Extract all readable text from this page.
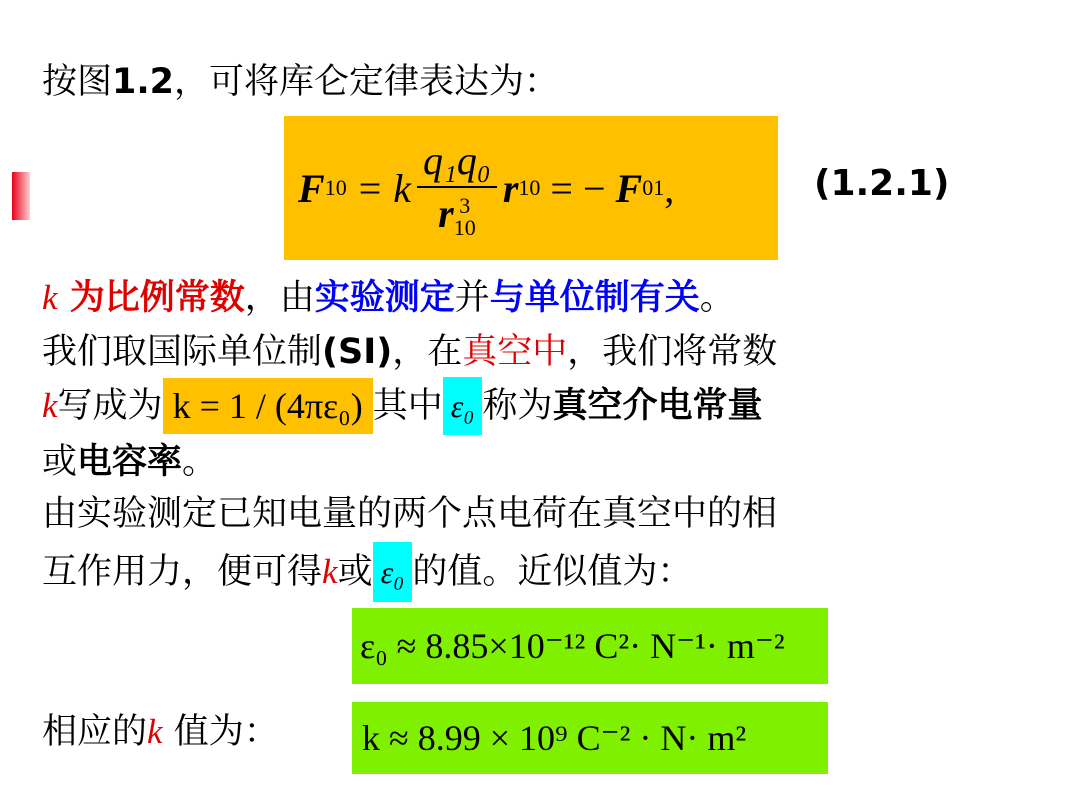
按图1.2，可将库仑定律表达为：
F 10 = k q₁q₀
r 3
10 r 10 = − F 01 ,	(1.2.1)
k 为比例常数，由实验测定并与单位制有关。
我们取国际单位制(SI)，在真空中，我们将常数
k 写成为 k = 1 / (4πε₀) 其中 ε₀ 称为 真空介电常量
或电容率。
由实验测定已知电量的两个点电荷在真空中的相
互作用力，便可得 k 或 ε₀ 的值。近似值为：
ε₀ ≈ 8.85×10⁻¹² C²· N⁻¹· m⁻²
相应的k 值为： k ≈ 8.99 × 10⁹ C⁻² · N· m²
